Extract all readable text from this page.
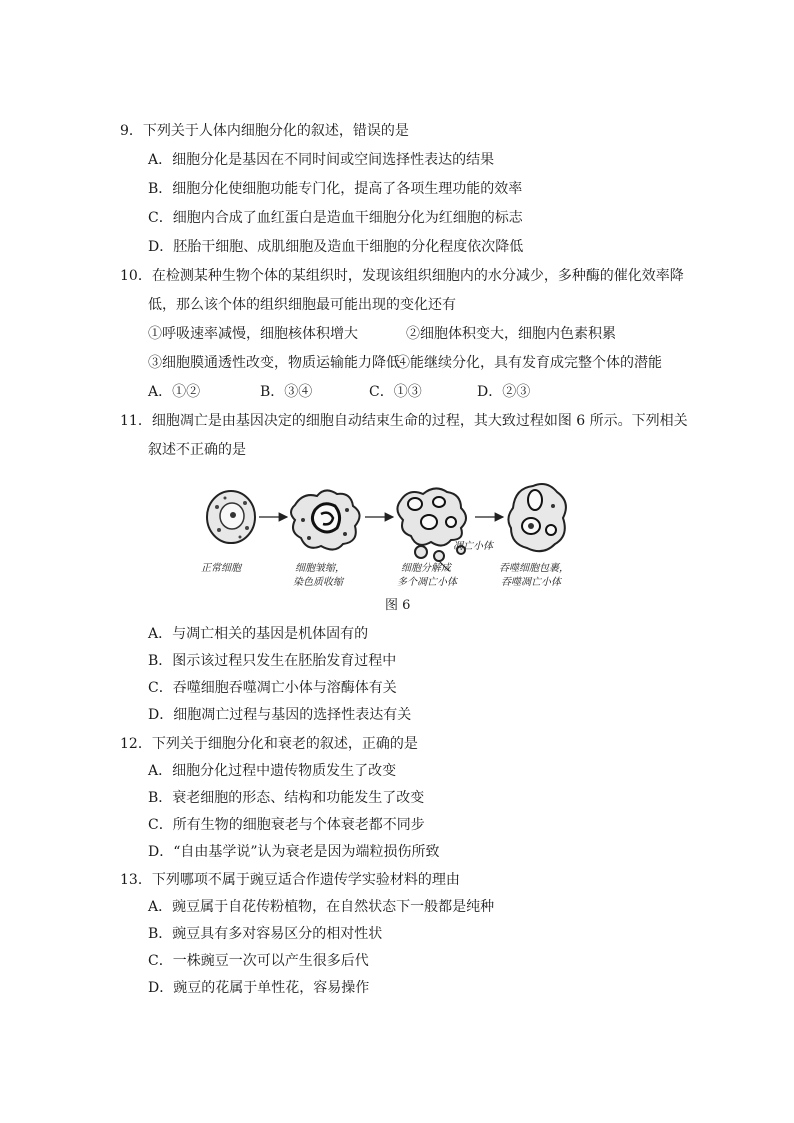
9．下列关于人体内细胞分化的叙述，错误的是
A．细胞分化是基因在不同时间或空间选择性表达的结果
B．细胞分化使细胞功能专门化，提高了各项生理功能的效率
C．细胞内合成了血红蛋白是造血干细胞分化为红细胞的标志
D．胚胎干细胞、成肌细胞及造血干细胞的分化程度依次降低
10．在检测某种生物个体的某组织时，发现该组织细胞内的水分减少，多种酶的催化效率降
低，那么该个体的组织细胞最可能出现的变化还有
①呼吸速率减慢，细胞核体积增大	②细胞体积变大，细胞内色素积累
③细胞膜通透性改变，物质运输能力降低
④能继续分化，具有发育成完整个体的潜能
A．①②	B．③④	C．①③	D．②③
11．细胞凋亡是由基因决定的细胞自动结束生命的过程，其大致过程如图 6 所示。下列相关
叙述不正确的是
正常细胞	细胞皱缩，
染色质收缩
细胞分解成
多个凋亡小体
吞噬细胞包裹，
吞噬凋亡小体
凋亡小体
图 6
A．与凋亡相关的基因是机体固有的
B．图示该过程只发生在胚胎发育过程中
C．吞噬细胞吞噬凋亡小体与溶酶体有关
D．细胞凋亡过程与基因的选择性表达有关
12．下列关于细胞分化和衰老的叙述，正确的是
A．细胞分化过程中遗传物质发生了改变
B．衰老细胞的形态、结构和功能发生了改变
C．所有生物的细胞衰老与个体衰老都不同步
D．“自由基学说”认为衰老是因为端粒损伤所致
13．下列哪项不属于豌豆适合作遗传学实验材料的理由
A．豌豆属于自花传粉植物，在自然状态下一般都是纯种
B．豌豆具有多对容易区分的相对性状
C．一株豌豆一次可以产生很多后代
D．豌豆的花属于单性花，容易操作
